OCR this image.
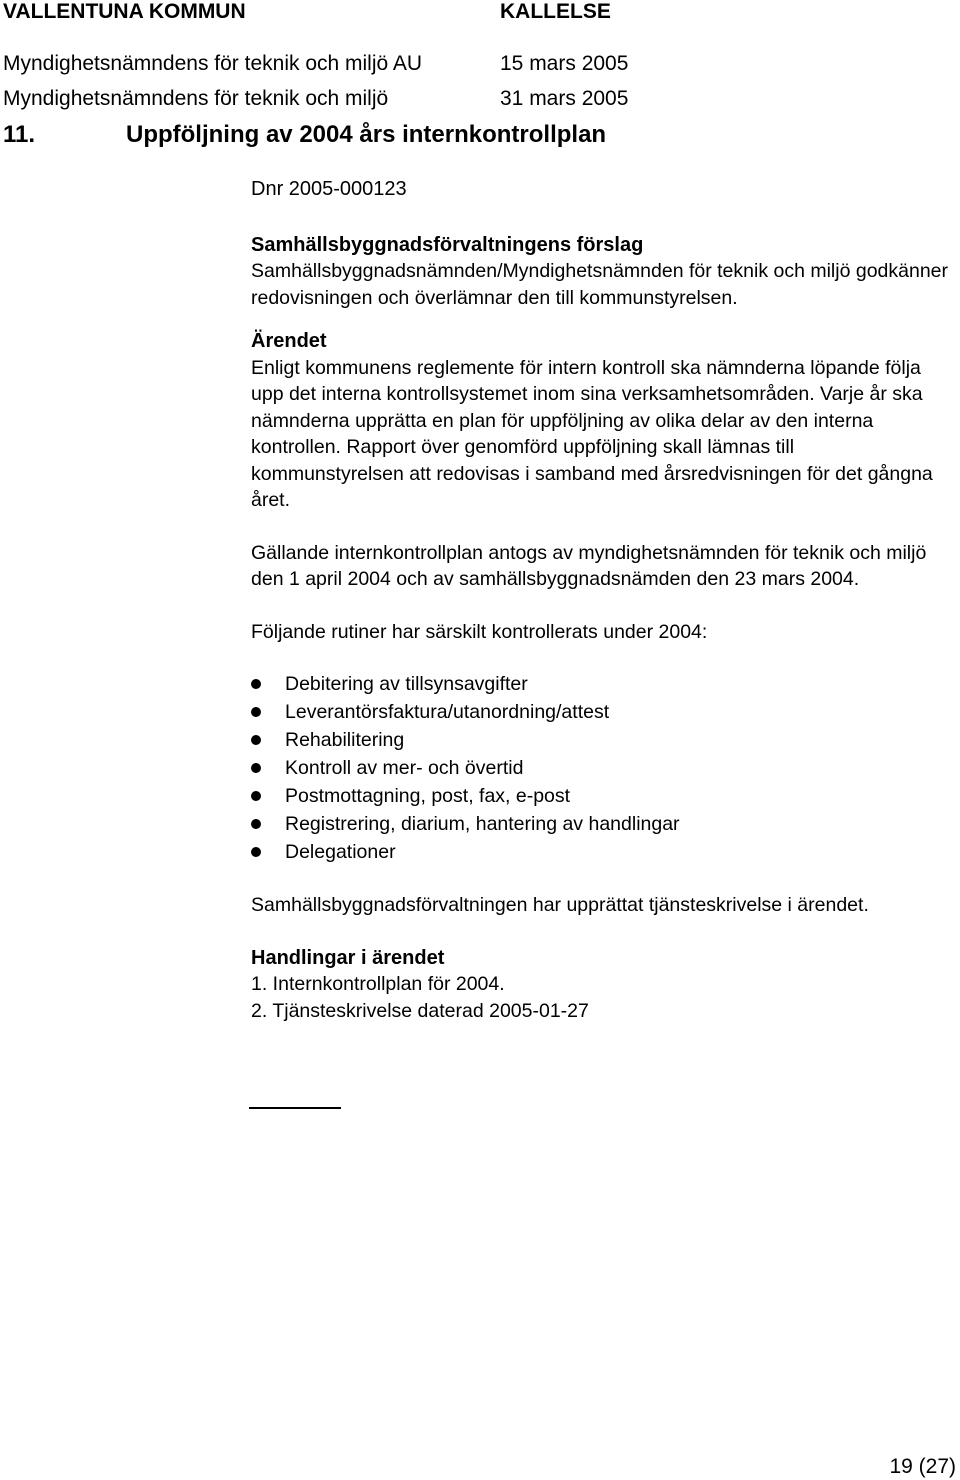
VALLENTUNA KOMMUN	KALLELSE
Myndighetsnämndens för teknik och miljö AU	15 mars 2005
Myndighetsnämndens för teknik och miljö	31 mars 2005
11.	Uppföljning av 2004 års internkontrollplan

Dnr 2005-000123

Samhällsbyggnadsförvaltningens förslag

Samhällsbyggnadsnämnden/Myndighetsnämnden för teknik och miljö godkänner redovisningen och överlämnar den till kommunstyrelsen.

Ärendet

Enligt kommunens reglemente för intern kontroll ska nämnderna löpande följa upp det interna kontrollsystemet inom sina verksamhetsområden. Varje år ska nämnderna upprätta en plan för uppföljning av olika delar av den interna kontrollen. Rapport över genomförd uppföljning skall lämnas till kommunstyrelsen att redovisas i samband med årsredvisningen för det gångna året.

Gällande internkontrollplan antogs av myndighetsnämnden för teknik och miljö den 1 april 2004 och av samhällsbyggnadsnämden den 23 mars 2004.

Följande rutiner har särskilt kontrollerats under 2004:

Debitering av tillsynsavgifter
Leverantörsfaktura/utanordning/attest
Rehabilitering
Kontroll av mer- och övertid
Postmottagning, post, fax, e-post
Registrering, diarium, hantering av handlingar
Delegationer

Samhällsbyggnadsförvaltningen har upprättat tjänsteskrivelse i ärendet.

Handlingar i ärendet

1. Internkontrollplan för 2004.

2. Tjänsteskrivelse daterad 2005-01-27

19 (27)
